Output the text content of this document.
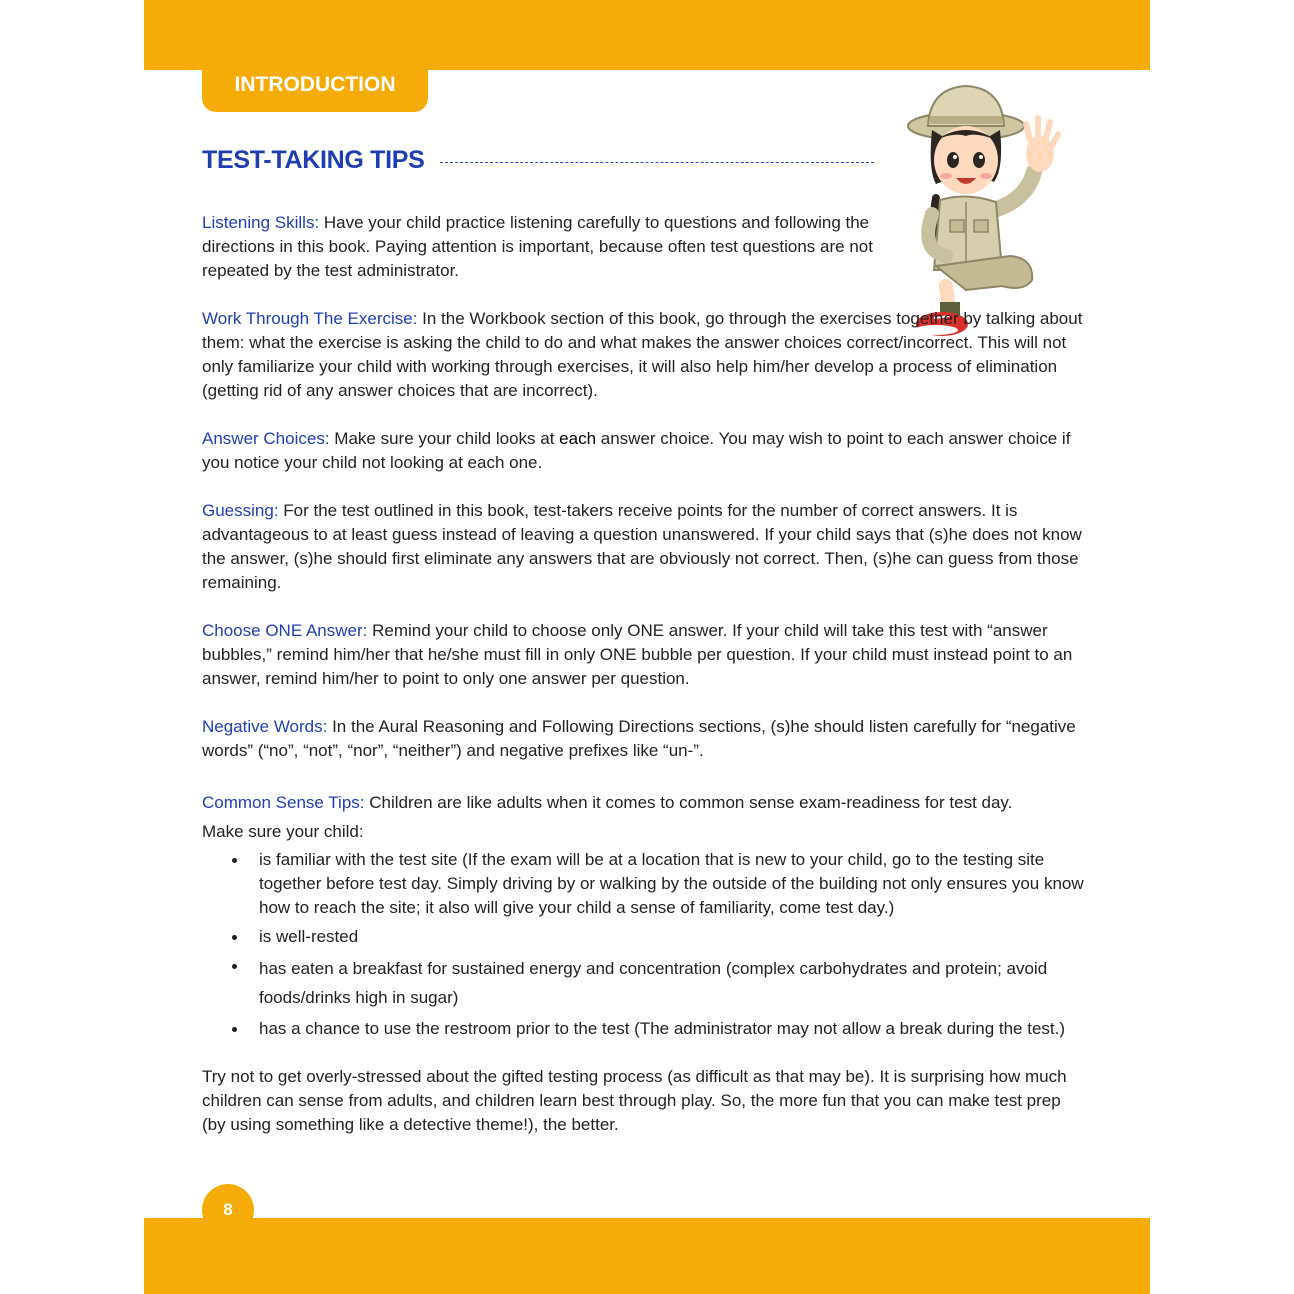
INTRODUCTION
TEST-TAKING TIPS

Listening Skills: Have your child practice listening carefully to questions and following the directions in this book. Paying attention is important, because often test questions are not repeated by the test administrator.

Work Through The Exercise: In the Workbook section of this book, go through the exercises together by talking about them: what the exercise is asking the child to do and what makes the answer choices correct/incorrect. This will not only familiarize your child with working through exercises, it will also help him/her develop a process of elimination (getting rid of any answer choices that are incorrect).

Answer Choices: Make sure your child looks at each answer choice. You may wish to point to each answer choice if you notice your child not looking at each one.

Guessing: For the test outlined in this book, test-takers receive points for the number of correct answers. It is advantageous to at least guess instead of leaving a question unanswered. If your child says that (s)he does not know the answer, (s)he should first eliminate any answers that are obviously not correct. Then, (s)he can guess from those remaining.

Choose ONE Answer: Remind your child to choose only ONE answer. If your child will take this test with “answer bubbles,” remind him/her that he/she must fill in only ONE bubble per question. If your child must instead point to an answer, remind him/her to point to only one answer per question.

Negative Words: In the Aural Reasoning and Following Directions sections, (s)he should listen carefully for “negative words” (“no”, “not”, “nor”, “neither”) and negative prefixes like “un-”.

Common Sense Tips: Children are like adults when it comes to common sense exam-readiness for test day.

Make sure your child:

is familiar with the test site (If the exam will be at a location that is new to your child, go to the testing site together before test day. Simply driving by or walking by the outside of the building not only ensures you know how to reach the site; it also will give your child a sense of familiarity, come test day.)
is well-rested
has eaten a breakfast for sustained energy and concentration (complex carbohydrates and protein; avoid foods/drinks high in sugar)
has a chance to use the restroom prior to the test (The administrator may not allow a break during the test.)

Try not to get overly-stressed about the gifted testing process (as difficult as that may be). It is surprising how much children can sense from adults, and children learn best through play. So, the more fun that you can make test prep (by using something like a detective theme!), the better.

8
